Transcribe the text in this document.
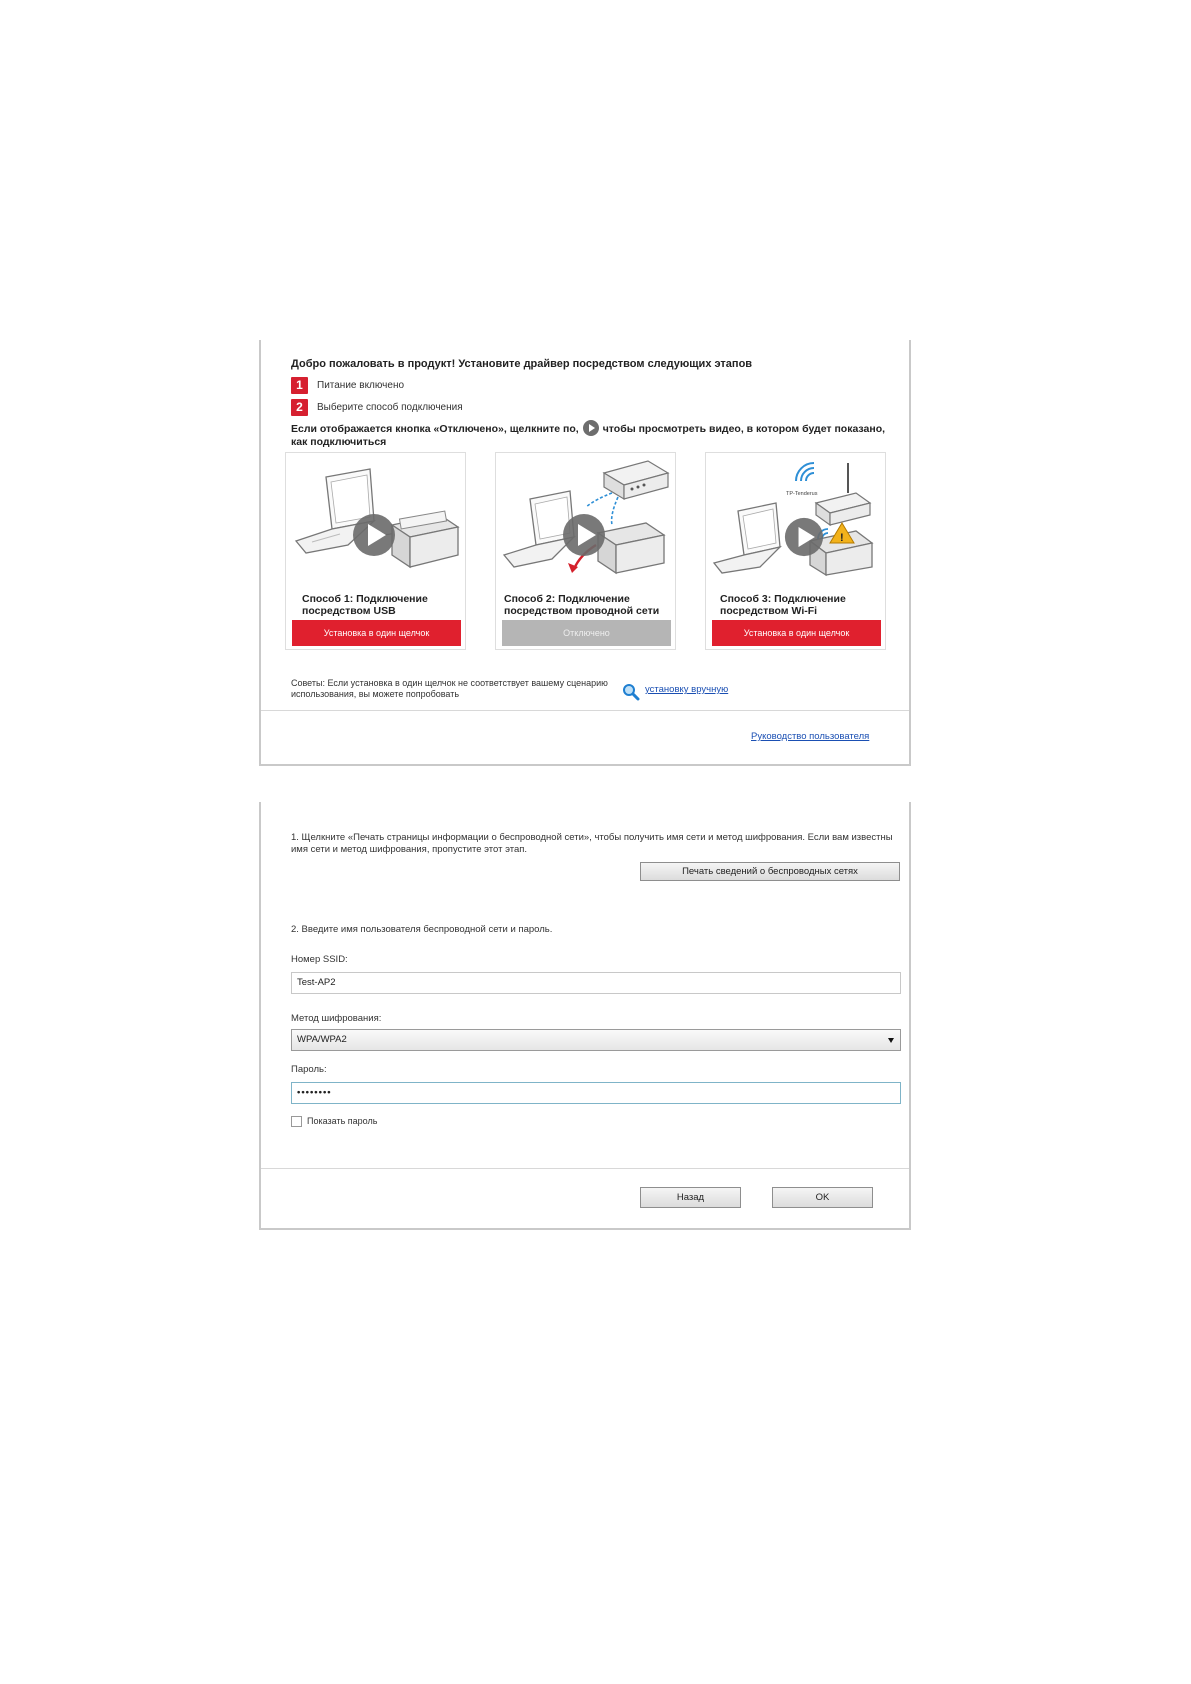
Добро пожаловать в продукт! Установите драйвер посредством следующих этапов
1	Питание включено
2	Выберите способ подключения
Если отображается кнопка «Отключено», щелкните по, чтобы просмотреть видео, в котором будет показано, как подключиться
Способ 1: Подключение посредством USB
Установка в один щелчок
Способ 2: Подключение посредством проводной сети
Отключено
TP-Tenderus
!
Способ 3: Подключение посредством Wi-Fi
Установка в один щелчок
Советы: Если установка в один щелчок не соответствует вашему сценарию использования, вы можете попробовать	установку вручную
Руководство пользователя
1. Щелкните «Печать страницы информации о беспроводной сети», чтобы получить имя сети и метод шифрования. Если вам известны имя сети и метод шифрования, пропустите этот этап.
Печать сведений о беспроводных сетях
2. Введите имя пользователя беспроводной сети и пароль.
Номер SSID:
Test-AP2
Метод шифрования:
WPA/WPA2
Пароль:
••••••••
Показать пароль
Назад	OK
